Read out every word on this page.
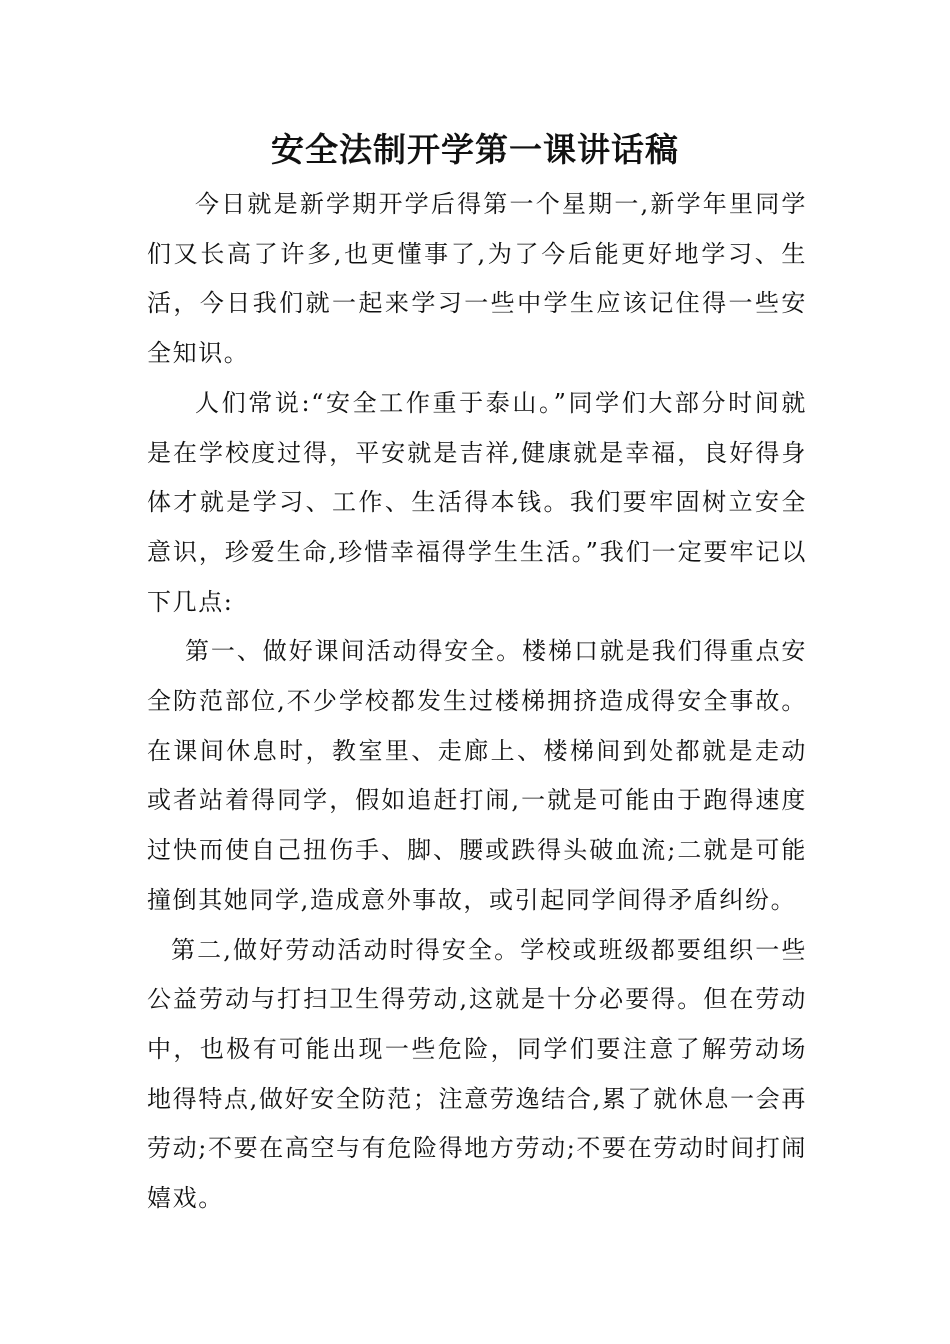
安全法制开学第一课讲话稿

今日就是新学期开学后得第一个星期一,新学年里同学们又长高了许多,也更懂事了,为了今后能更好地学习、生活，今日我们就一起来学习一些中学生应该记住得一些安全知识。

人们常说:“安全工作重于泰山。”同学们大部分时间就是在学校度过得，平安就是吉祥,健康就是幸福，良好得身体才就是学习、工作、生活得本钱。我们要牢固树立安全意识，珍爱生命,珍惜幸福得学生生活。”我们一定要牢记以下几点:

第一、做好课间活动得安全。楼梯口就是我们得重点安全防范部位,不少学校都发生过楼梯拥挤造成得安全事故。在课间休息时，教室里、走廊上、楼梯间到处都就是走动或者站着得同学，假如追赶打闹,一就是可能由于跑得速度过快而使自己扭伤手、脚、腰或跌得头破血流;二就是可能撞倒其她同学,造成意外事故，或引起同学间得矛盾纠纷。

第二,做好劳动活动时得安全。学校或班级都要组织一些公益劳动与打扫卫生得劳动,这就是十分必要得。但在劳动中，也极有可能出现一些危险，同学们要注意了解劳动场地得特点,做好安全防范；注意劳逸结合,累了就休息一会再劳动;不要在高空与有危险得地方劳动;不要在劳动时间打闹嬉戏。
